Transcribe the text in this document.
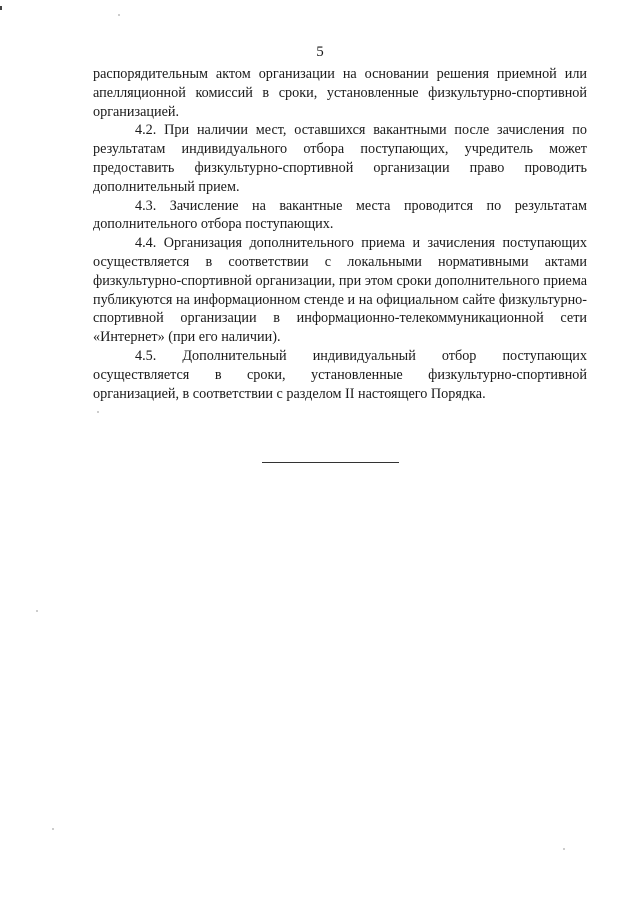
5

распорядительным актом организации на основании решения приемной или апелляционной комиссий в сроки, установленные физкультурно-спортивной организацией.

4.2. При наличии мест, оставшихся вакантными после зачисления по результатам индивидуального отбора поступающих, учредитель может предоставить физкультурно-спортивной организации право проводить дополнительный прием.

4.3. Зачисление на вакантные места проводится по результатам дополнительного отбора поступающих.

4.4. Организация дополнительного приема и зачисления поступающих осуществляется в соответствии с локальными нормативными актами физкультурно-спортивной организации, при этом сроки дополнительного приема публикуются на информационном стенде и на официальном сайте физкультурно-спортивной организации в информационно-телекоммуникационной сети «Интернет» (при его наличии).

4.5. Дополнительный индивидуальный отбор поступающих осуществляется в сроки, установленные физкультурно-спортивной организацией, в соответствии с разделом II настоящего Порядка.
